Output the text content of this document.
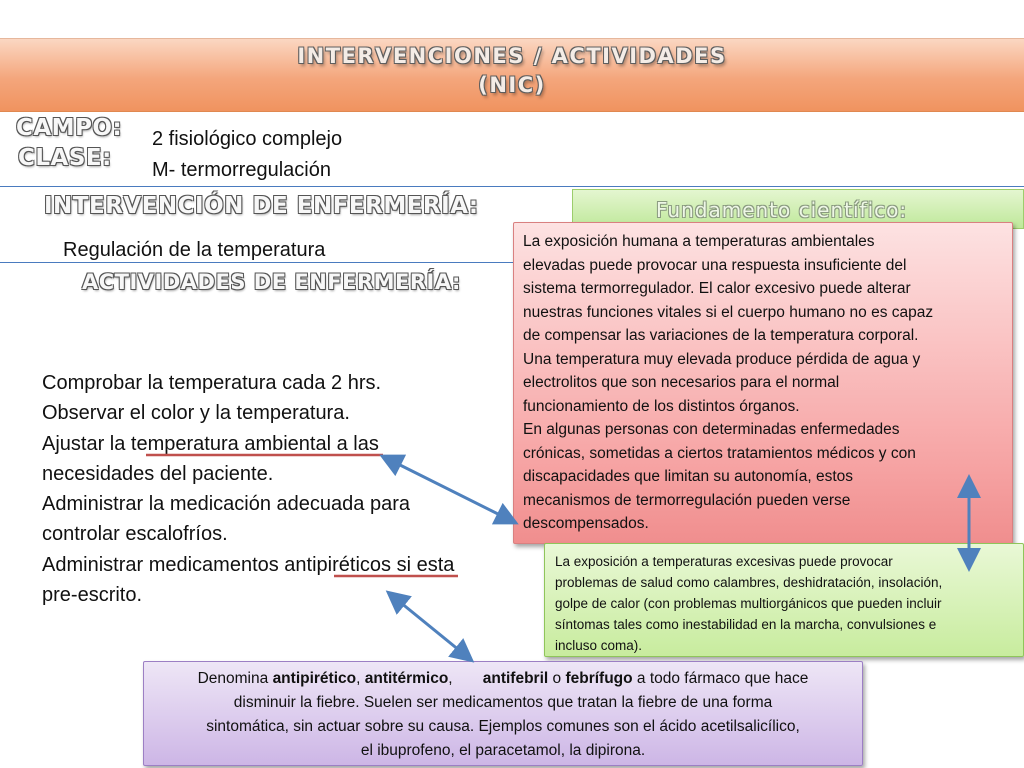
INTERVENCIONES / ACTIVIDADES
(NIC)
CAMPO:
CLASE:
2 fisiológico complejo
M- termorregulación
INTERVENCIÓN DE ENFERMERÍA:
Regulación de la temperatura
ACTIVIDADES DE ENFERMERÍA:
Comprobar la temperatura cada 2 hrs.
Observar el color y la temperatura.
Ajustar la temperatura ambiental a las
necesidades del paciente.
Administrar la medicación adecuada para
controlar escalofríos.
Administrar medicamentos antipiréticos si esta
pre-escrito.
Fundamento científico:

La exposición humana a temperaturas ambientales

elevadas puede provocar una respuesta insuficiente del

sistema termorregulador. El calor excesivo puede alterar

nuestras funciones vitales si el cuerpo humano no es capaz

de compensar las variaciones de la temperatura corporal.

Una temperatura muy elevada produce pérdida de agua y

electrolitos que son necesarios para el normal

funcionamiento de los distintos órganos.

En algunas personas con determinadas enfermedades

crónicas, sometidas a ciertos tratamientos médicos y con

discapacidades que limitan su autonomía, estos

mecanismos de termorregulación pueden verse

descompensados.

La exposición a temperaturas excesivas puede provocar

problemas de salud como calambres, deshidratación, insolación,

golpe de calor (con problemas multiorgánicos que pueden incluir

síntomas tales como inestabilidad en la marcha, convulsiones e

incluso coma).

Denomina antipirético, antitérmico,       antifebril o febrífugo a todo fármaco que hace

disminuir la fiebre. Suelen ser medicamentos que tratan la fiebre de una forma

sintomática, sin actuar sobre su causa. Ejemplos comunes son el ácido acetilsalicílico,

el ibuprofeno, el paracetamol, la dipirona.
